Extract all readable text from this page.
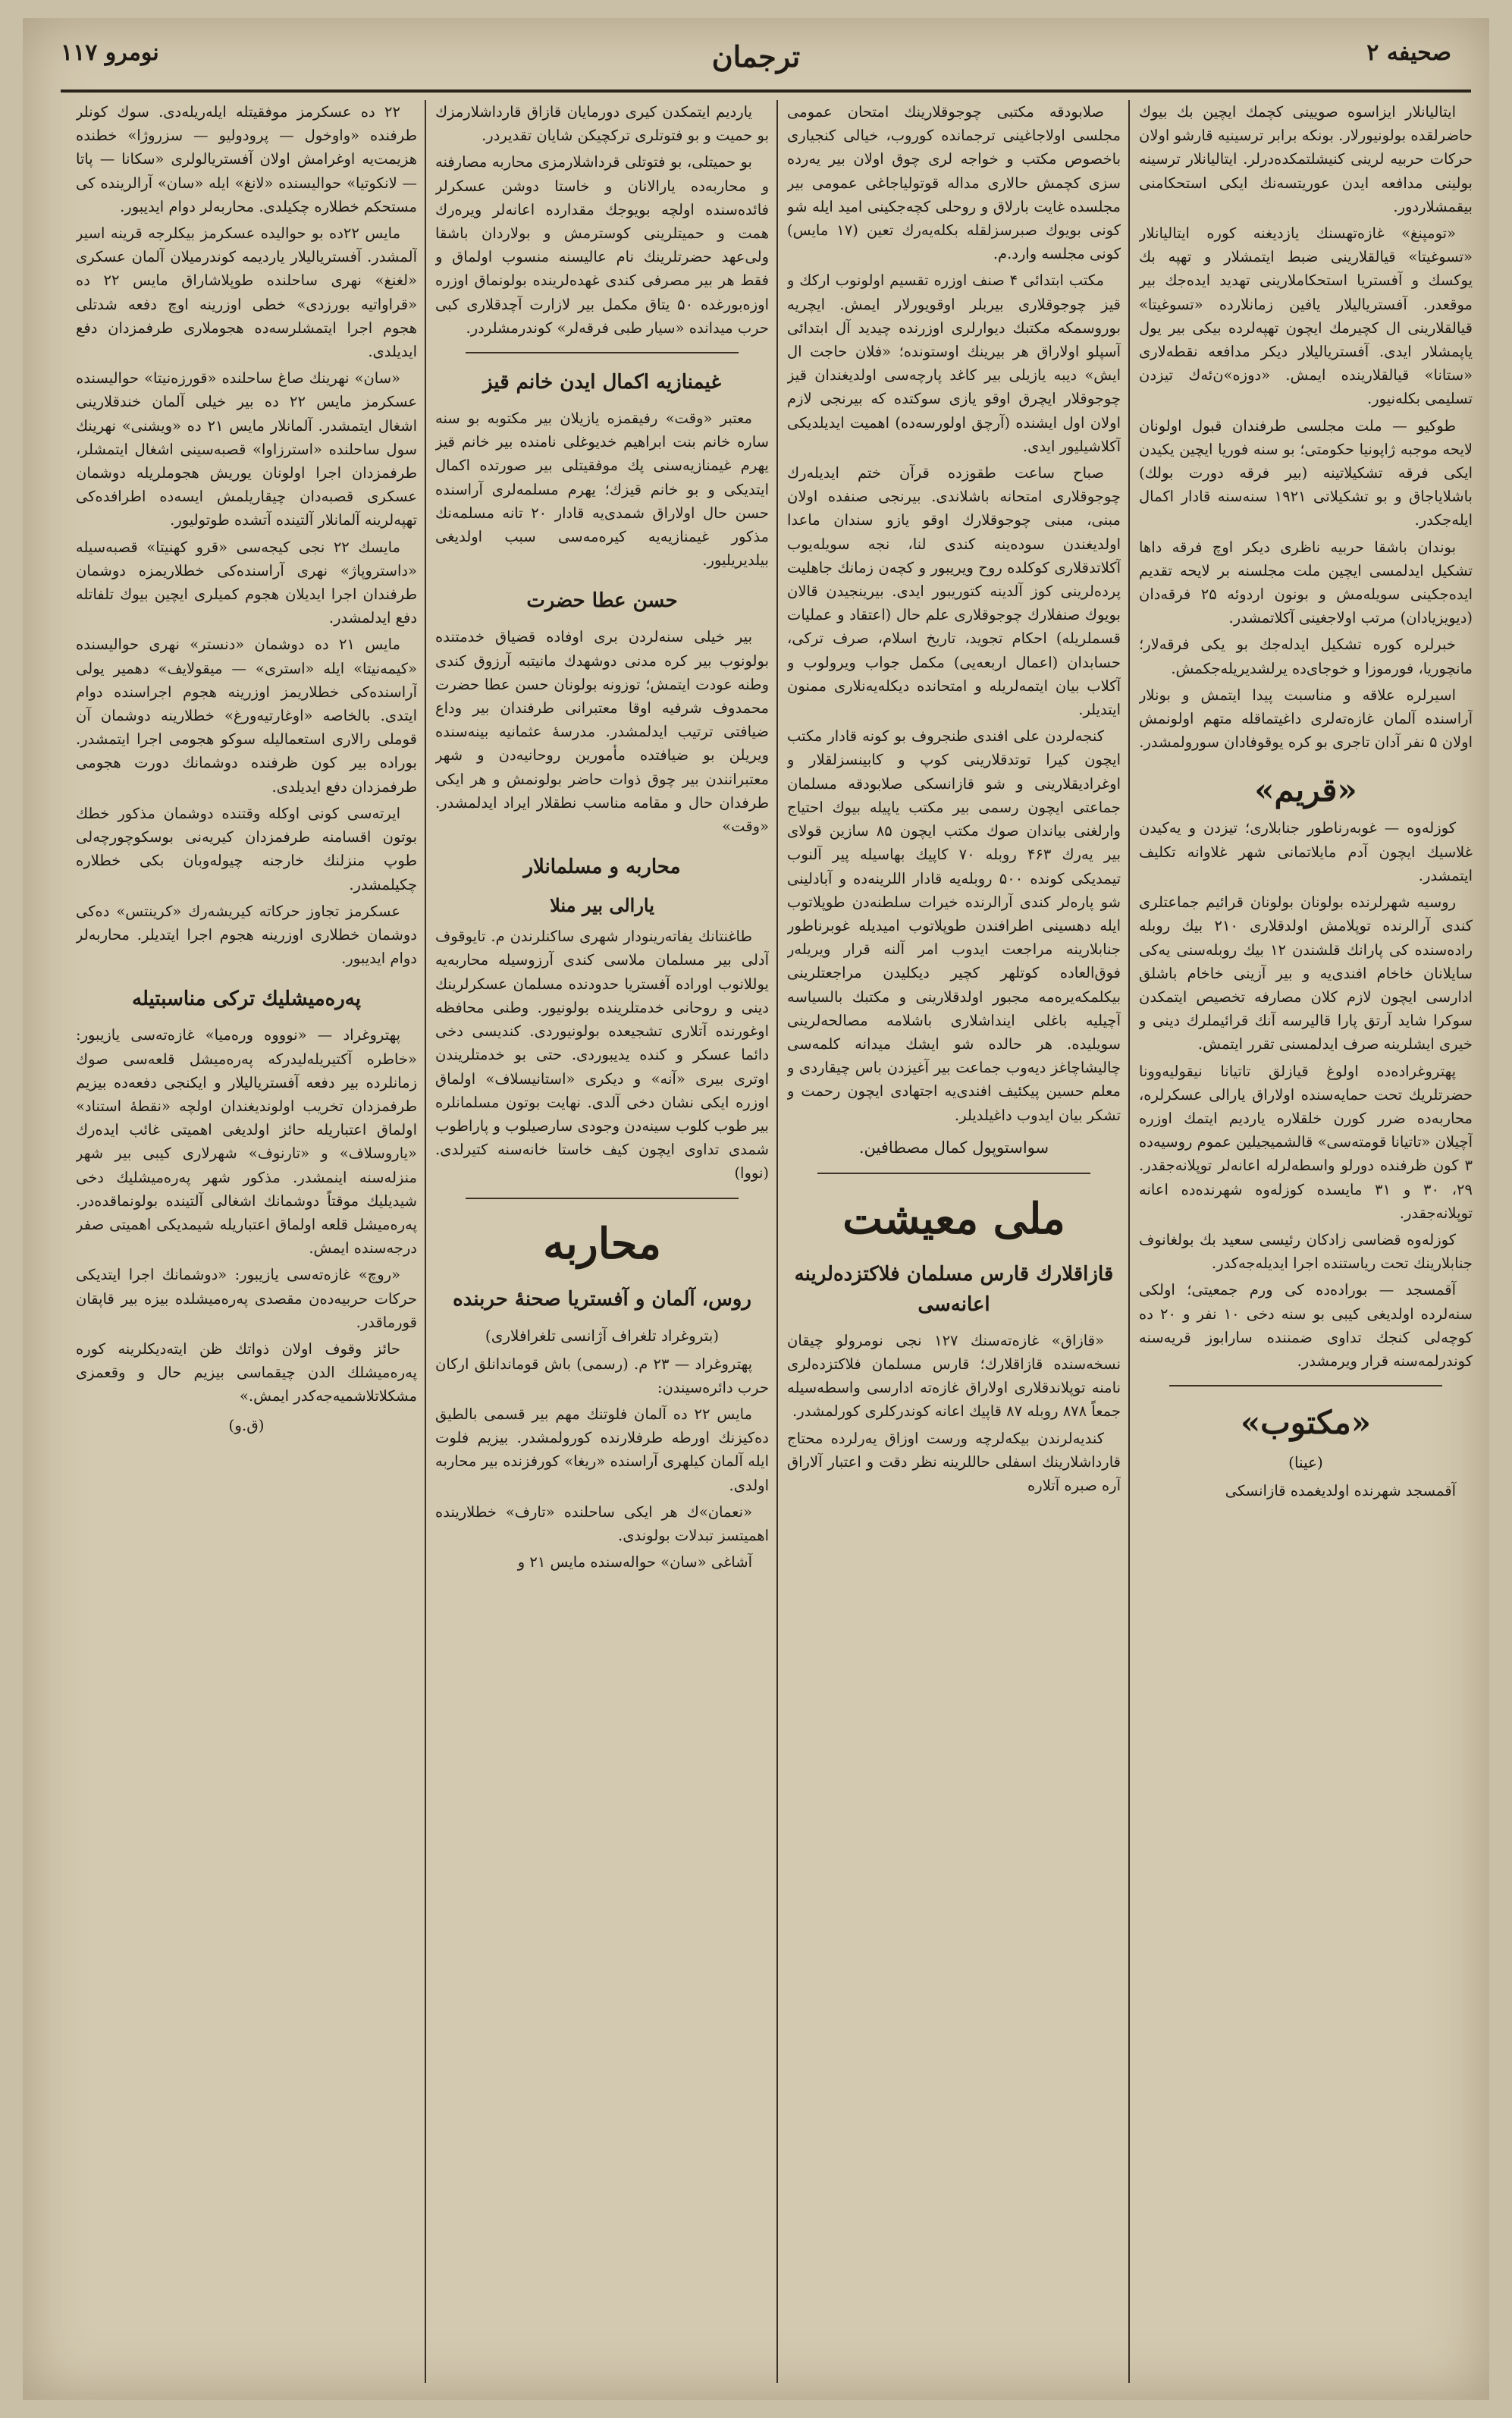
صحیفه ۲
ترجمان
نومرو ۱۱۷

ایتالیانلار ایزاسوه صویینی کچمك ایچین بك بیوك حاضرلقده بولونیورلار. بونکه برابر ترسینیه قارشو اولان حرکات حربیه لرینی کنیشلتمکده‌درلر. ایتالیانلار ترسینه بولینی مدافعه ایدن عوریتسه‌نك ایکی استحکامنی بیقمشلاردور.

«تومپنغ» غازه‌تهسنك یازدیغنه کوره ایتالیانلار «تسوغیتا» قیالقلارینی ضبط ایتمشلار و تهپه بك یوکسك و آفستریا استحکاملارینی تهدید ایده‌جك بیر موقعدر. آفستریالیلار یافین زمانلارده «تسوغیتا» قیالقلارینی ال کچیرمك ایچون تهپه‌لرده بیکی بیر یول یاپمشلار ایدی. آفستریالیلار دیکر مدافعه نقطه‌لاری «ستانا» قیالقلارینده ایمش. «دوزه»ن‌ئه‌ك تیزدن تسلیمی بکله‌نیور.

طوکیو — ملت مجلسی طرفندان قبول اولونان لایحه موجبه ژاپونیا حکومتی؛ بو سنه فوریا ایچین یکیدن ایکی فرقه تشکیلاتینه (بیر فرقه دورت بولك) باشلایاجاق و بو تشکیلاتی ۱۹۲۱ سنه‌سنه قادار اکمال ایله‌جکدر.

بوندان باشقا حربیه ناظری دیکر اوچ فرقه داها تشکیل ایدلمسی ایچین ملت مجلسنه بر لایحه تقدیم ایده‌جکینی سویله‌مش و بونون اردوئه ۲۵ فرقه‌دان (دیویزیادان) مرتب اولاجغینی آکلاتمشدر.

خبرلره کوره تشکیل ایدله‌جك بو یکی فرقه‌لار؛ مانچوریا، فورموزا و خوجای‌ده یرلشدیریله‌جکمش.

اسیرلره علاقه و مناسبت پیدا ایتمش و بونلار آراسنده آلمان غازه‌ته‌لری داغیتماقله متهم اولونمش اولان ۵ نفر آدان تاجری بو کره یوقوفادان سورولمشدر.

«قریم»

کوزله‌وه — غوبه‌رناطور جنابلاری؛ تیزدن و یه‌کیدن غلاسیك ایچون آدم مایلاتمانی شهر غلاوانه تکلیف ایتمشدر.

روسیه شهرلرنده بولونان بولونان قرائیم جماعتلری کندی آرالرنده توپلامش اولدقلاری ۲۱۰ بیك روبله راده‌سنده کی پارانك قلشندن ۱۲ بیك روبله‌سنی یه‌کی سایلانان خاخام افندی‌یه و بیر آز‌ینی خاخام باشلق ادارسی ایچون لازم کلان مصارفه تخصیص ایتمکدن سو‌کرا شاید آرتق پارا قالیرسه آنك قرائیملرك دینی و خیری ایشلرینه صرف ایدلمسنی تقرر ایتمش.

پهتروغراده‌ده اولوغ قیازلق تاتیانا نیقولیه‌وونا حضرتلریك تحت حمایه‌سنده اولاراق یارالی عسکرلره، محاربه‌ده ضرر کورن خلقلاره یاردیم ایتمك اوزره آچیلان «تاتیانا قومته‌سی» قالشمیجیلین عموم روسیه‌ده ۳ کون ظرفنده دورلو واسطه‌لرله اعانه‌لر توپلانه‌جقدر. ۲۹، ۳۰ و ۳۱ مایسده کوزله‌وه شهرنده‌ده اعانه توپلانه‌جقدر.

کوزله‌وه قضاسی زادکان رئیسی سعید بك بولغانوف جنابلارینك تحت ریاستنده اجرا ایدیله‌جه‌کدر.

آقمسجد — بوراده‌ده کی ورم جمعیتی؛ اولکی سنه‌لرده اولدیغی کیبی بو سنه دخی ۱۰ نفر و ۲۰ ده کوچه‌لی کنجك تداوی ضمننده سارابوز قریه‌سنه کوندرلمه‌سنه قرار ویرمشدر.

«مکتوب»
(عینا)

آقمسجد شهرنده اولدیغمده قازانسکی

صلابودقه مکتبی چوجوقلارینك امتحان عمومی مجلسی اولاجاغینی ترجمانده کوروب، خیالی کنجیاری باخصوص مکتب و خواجه لری چوق اولان بیر یه‌رده سزی کچمش حالاری مداله قوتولیاجاغی عمومی بیر مجلسده غایت بارلاق و روحلی کچه‌جکینی امید ایله شو کونی بویوك صبرسزلقله بکله‌یه‌رك تعین (۱۷ مایس) کونی مجلسه وارد.م.

مکتب ابتدائی ۴ صنف اوزره تقسیم اولونوب ارکك و قیز چوجوقلاری بیربلر اوقویورلار ایمش. ایچریه بوروسمکه مکتبك دیوارلری اوزرنده چیدید آل ابتدائی آسپلو اولاراق هر بیرینك اوستونده؛ «فلان حاجت ال ایش» دیبه یازیلی بیر کاغد پارچه‌سی اولدیغندان قیز چوجوقلار ایچرق اوقو یازی سوکتده که بیرنجی لازم اولان اول ایشنده (آرچق اولورسه‌ده) اهمیت ایدیلدیکی آکلاشیلیور ایدی.

صباح ساعت طقوزده قرآن ختم ایدیله‌رك چوجوقلاری امتحانه باشلاندی. بیرنجی صنفده اولان مبنی، مبنی چوجوقلارك اوقو یازو سندان ماعدا اولدیغندن سوده‌ینه کندی لنا، نجه سویله‌یوب آکلاتدقلاری کوکلده روح ویریبور و کچه‌ن زمانك جاهلیت پرده‌لرینی کوز آلدینه کتوریبور ایدی. بیرینجیدن قالان بویوك صنفلارك چوجوقلاری علم حال (اعتقاد و عملیات قسملریله) احکام تجوید، تاریخ اسلام، صرف ترکی، حسابدان (اعمال اربعه‌یی) مکمل جواب ویرولوب و آکلاب بیان ایتمه‌لریله و امتحانده دیکله‌یه‌نلاری ممنون ایتدیلر.

کنجه‌لردن علی افندی طنجروف بو کونه قادار مکتب ایچون کیرا توتدقلارینی کوپ و کابینسزلقلار و اوغرادیقلارینی و شو قازانسکی صلابودقه مسلمان جماعتی ایچون رسمی بیر مکتب یاپیله بیوك احتیاج وارلغنی بیاندان صوك مکتب ایچون ۸۵ سازین قولای بیر یه‌رك ۴۶۳ روبله ۷۰ کاپیك بهاسیله پیر آلنوب تیمدیکی کونده ۵۰۰ روبله‌یه قادار اللرینه‌ده و آبادلینی شو پاره‌لر کندی آرالرنده خیرات سلطنه‌دن طوپلاتوب ایله دهسینی اطرافندن طوپلاتوب امیدیله غوبرناطور جنابلارینه مراجعت ایدوب امر آلنه قرار ویریله‌ر فوق‌العاده کوتلهر کچیر دیکلیدن مراجعتلرینی بیکلمکه‌یره‌مه مجبور اولدقلارینی و مکتبك بالسیاسه آچیلیه باغلی اینداشلاری باشلامه مصالحه‌لرینی سویلیده. هر حالده شو ایشك میدانه کلمه‌سی چالیشاچاغز دیه‌وب جماعت بیر آغیزدن باس چیقاردی و معلم حسین پیکئیف افندی‌یه اجتهادی ایچون رحمت و تشکر بیان ایدوب داغیلدیلر.

سواستوپول کمال مصطافین.
ملی معیشت
قازاقلارك قارس مسلمان فلاکتزده‌لرینه اعانه‌سی

«قازاق» غازه‌ته‌سنك ۱۲۷ نجی نومرولو چیقان نسخه‌سنده قازاقلارك؛ قارس مسلمان فلاکتزده‌لری نامنه توپلاندقلاری اولاراق غازه‌ته ادارسی واسطه‌سیله جمعاً ۸۷۸ روبله ۸۷ قاپیك اعانه کوندرکلری کورلمشدر.

کندیه‌لرندن بیکه‌لرچه ورست اوزاق یه‌رلرده محتاج قارداشلارینك اسفلی حاللرینه نظر دقت و اعتبار آلاراق آره صبره آتلاره

یاردیم ایتمکدن کیری دورمایان قازاق قارداشلارمزك بو حمیت و بو فتوتلری ترکچیکن شایان تقدیردر.

بو حمیتلی، بو فتوتلی قرداشلارمزی محاربه مصارفنه و محاربه‌ده یارالانان و خاستا دوشن عسکرلر فائده‌سنده اولچه بویوجك مقدارده اعانه‌لر ویره‌رك همت و حمیتلرینی کوسترمش و بولاردان باشقا ولی‌عهد حضرتلرینك نام عالیسنه منسوب اولماق و فقط هر بیر مصرفی کندی غهده‌لرینده بولونماق اوزره اوزه‌بورغده ۵۰ یتاق مکمل بیر لازارت آچدقلاری کبی حرب میدانده «سیار طبی فرقه‌لر» کوندرمشلردر.

غیمنازیه اکمال ایدن خانم قیز

معتبر «وقت» رفیقمزه یازیلان بیر مکتوبه بو سنه ساره خانم بنت ابراهیم خدیوغلی نامنده بیر خانم قیز یهرم غیمنازیه‌سنی پك موفقیتلی بیر صورتده اکمال ایتدیکی و بو خانم قیزك؛ یهرم مسلمه‌لری آراسنده حسن حال اولاراق شمدی‌یه قادار ۲۰ تانه مسلمه‌نك مذکور غیمنازیه‌یه کیره‌مه‌سی سبب اولدیغی بیلدیریلیور.

حسن عطا حضرت

بیر خیلی سنه‌لردن بری اوفاده قضیاق خدمتنده بولونوب بیر کره مدنی دوشهدك مانیتبه آرزوق کندی وطنه عودت ایتمش؛ توزونه بولونان حسن عطا حضرت محمدوف شرفیه اوقا معتبرانی طرفندان بیر وداع ضیافتی ترتیب ایدلمشدر. مدرسهٔ عثمانیه بینه‌سنده ویریلن بو ضیافتده مأمورین روحانیه‌دن و شهر معتبرانندن بیر چوق ذوات حاضر بولونمش و هر ایکی طرفدان حال و مقامه مناسب نطقلار ایراد ایدلمشدر. «وقت»

محاربه و مسلمانلار
یارالی بیر منلا

طاغنتانك یفاته‌رینودار شهری ساکنلرندن م. تایوقوف آدلی بیر مسلمان ملاسی کندی آرزوسیله محاربه‌یه یوللانوب اوراده آفستریا حدودنده مسلمان عسکرلرینك دینی و روحانی خدمتلرینده بولونیور. وطنی محافظه اوغورنده آتلاری تشجیعده بولونیوردی. کندیسی دخی دائما عسکر و کنده یدیبوردی. حتی بو خدمتلریندن اوتری بیری «آنه» و دیکری «استانیسلاف» اولماق اوزره ایکی نشان دخی آلدی. نهایت بوتون مسلمانلره بیر طوب کلوب سینه‌دن وجودی سارصیلوب و پاراطوب شمدی تداوی ایچون کیف خاستا خانه‌سنه کتیرلدی. (نووا)

محاربه
روس، آلمان و آفستریا صحنهٔ حربنده
(بتروغراد تلغراف آژانسی تلغرافلاری)

پهتروغراد — ۲۳ م. (رسمی) باش قوماندانلق ارکان حرب دائرەسیندن:

مایس ۲۲ ده آلمان فلوتنك مهم بیر قسمی بالطیق ده‌کیزنك اورطه طرفلارنده کورولمشدر. بیزیم فلوت ایله آلمان کیلهری آراسنده «ریغا» کورفزنده بیر محاربه اولدی.

«نعمان»ك هر ایکی ساحلنده «تارف» خطلارینده اهمیتسز تبدلات بولوندی.

آشاغی «سان» حواله‌سنده مایس ۲۱ و

۲۲ ده عسکرمز موفقیتله ایلەریله‌دی. سوك کونلر طرفنده «واوخول — پرودولیو — سزروژا» خطنده هزیمت‌یه اوغرامش اولان آفستریالولری «سکانا — پاتا — لانکوتیا» حوالیسنده «لانغ» ایله «سان» آرالرینده کی مستحکم خطلاره چکیلدی. محاربه‌لر دوام ایدیبور.

مایس ۲۲ده بو حوالیده عسکرمز بیکلرجه قرینه اسیر آلمشدر. آفستریالیلار یاردیمه کوندرمیلان آلمان عسکری «لغنغ» نهری ساحلنده طوپلاشاراق مایس ۲۲ ده «قراواتیه بورزدی» خطی اوزرینه اوچ دفعه شدتلی هجوم اجرا ایتمشلرسه‌ده هجوملاری طرفمزدان دفع ایدیلدی.

«سان» نهرینك صاغ ساحلنده «قورزه‌نیتا» حوالیسنده عسکرمز مایس ۲۲ ده بیر خیلی آلمان خندقلارینی اشغال ایتمشدر. آلمانلار مایس ۲۱ ده «ویشنی» نهرینك سول ساحلنده «استرزاوا» قصبه‌سینی اشغال ایتمشلر، طرفمزدان اجرا اولونان یوریش هجوملریله دوشمان عسکری قصبه‌دان چیقاریلمش ایسه‌ده اطرافده‌کی تهپه‌لرینه آلمانلار آلتینده آتشده طوتولیور.

مایسك ۲۲ نجی کیجه‌سی «قرو کهنیتا» قصبه‌سیله «داستروپاژ» نهری آراسنده‌کی خطلاریمزه دوشمان طرفندان اجرا ایدیلان هجوم کمیلری ایچین بیوك تلفاتله دفع ایدلمشدر.

مایس ۲۱ ده دوشمان «دنستر» نهری حوالیسنده «کیمه‌نیتا» ایله «استری» — میقولایف» دهمیر یولی آراسنده‌کی خطلاریمز اوزرینه هجوم اجراسنده دوام ایتدی. بالخاصه «اوغارتیه‌ورغ» خطلارینه دوشمان آن قوملی رالاری استعمالیله سوکو هجومی اجرا ایتمشدر. بوراده بیر کون ظرفنده دوشمانك دورت هجومی طرفمزدان دفع ایدیلدی.

ایرته‌سی کونی اوکله وقتنده دوشمان مذکور خطك بوتون اقسامنه طرفمزدان کیریه‌نی بوسکوچورچه‌لی طوپ منزلنك خارجنه چیوله‌وبان بکی خطلاره چکیلمشدر.

عسکرمز تجاوز حرکاته کیریشه‌رك «کرینتس» ده‌کی دوشمان خطلاری اوزرینه هجوم اجرا ایتدیلر. محاربه‌لر دوام ایدیبور.

پەرەمیشلیك ترکی مناسبتیله

پهتروغراد — «نوووه وره‌میا» غازه‌ته‌سی یازیبور: «خاطره‌ آکتیریلەلیدرکه پەرەمیشل قلعه‌سی صوك زمانلرده بیر دفعه آفستریالیلار و ایکنجی دفعه‌ده بیزیم طرفمزدان تخریب اولوندیغندان اولچه «نقطهٔ استناد» اولماق اعتباریله حائز اولدیغی اهمیتی غائب ایدەرك «یاروسلاف» و «تارنوف» شهرلاری کیبی بیر شهر منزله‌سنه اینمشدر. مذکور شهر پەرەمیشلیك دخی شیدیلیك موقتاً دوشمانك اشغالی آلتینده بولونماقدەدر. پەرەمیشل قلعه اولماق اعتباریله شیمدیکی اهمیتی صفر درجه‌سنده ایمش.

«روچ» غازه‌ته‌سی یازیبور: «دوشمانك اجرا ایتدیکی حرکات حربیه‌دەن مقصدی پەرەمیشلده بیزه بیر قاپقان قورماقدر.

حائز وقوف اولان ذواتك ظن ایته‌دیکلرینه کوره پەرەمیشلك الدن چیقماسی بیزیم حال و وقعمزی مشکلاتلاشمیه‌جەکدر ایمش.»

(ق.و)
